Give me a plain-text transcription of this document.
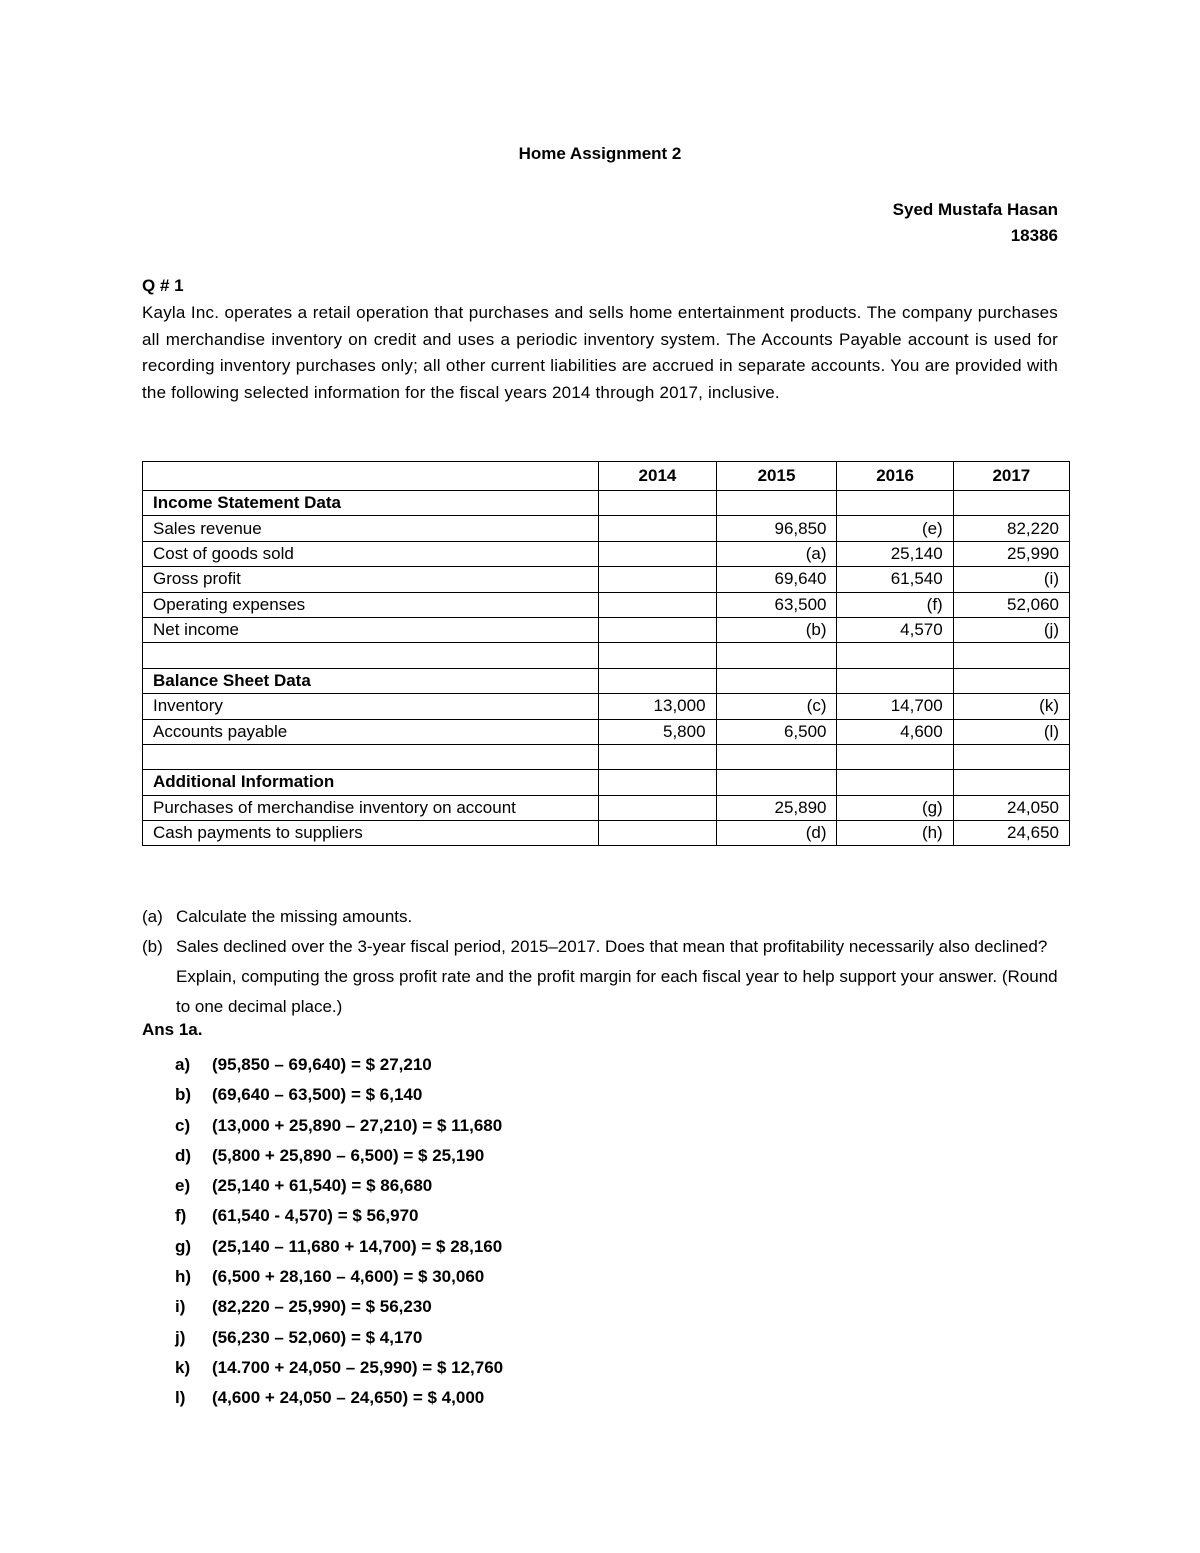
Home Assignment 2
Syed Mustafa Hasan
18386
Q # 1
Kayla Inc. operates a retail operation that purchases and sells home entertainment products. The company purchases all merchandise inventory on credit and uses a periodic inventory system. The Accounts Payable account is used for recording inventory purchases only; all other current liabilities are accrued in separate accounts. You are provided with the following selected information for the fiscal years 2014 through 2017, inclusive.
	2014	2015	2016	2017
Income Statement Data				
Sales revenue		96,850	(e)	82,220
Cost of goods sold		(a)	25,140	25,990
Gross profit		69,640	61,540	(i)
Operating expenses		63,500	(f)	52,060
Net income		(b)	4,570	(j)

Balance Sheet Data				
Inventory	13,000	(c)	14,700	(k)
Accounts payable	5,800	6,500	4,600	(l)

Additional Information				
Purchases of merchandise inventory on account		25,890	(g)	24,050
Cash payments to suppliers		(d)	(h)	24,650
(a) Calculate the missing amounts.
(b) Sales declined over the 3-year fiscal period, 2015–2017. Does that mean that profitability necessarily also declined? Explain, computing the gross profit rate and the profit margin for each fiscal year to help support your answer. (Round to one decimal place.)
Ans 1a.
a) (95,850 – 69,640) = $ 27,210
b) (69,640 – 63,500) = $ 6,140
c) (13,000 + 25,890 – 27,210) = $ 11,680
d) (5,800 + 25,890 – 6,500) = $ 25,190
e) (25,140 + 61,540) = $ 86,680
f) (61,540 - 4,570) = $ 56,970
g) (25,140 – 11,680 + 14,700) = $ 28,160
h) (6,500 + 28,160 – 4,600) = $ 30,060
i) (82,220 – 25,990) = $ 56,230
j) (56,230 – 52,060) = $ 4,170
k) (14.700 + 24,050 – 25,990) = $ 12,760
l) (4,600 + 24,050 – 24,650) = $ 4,000
